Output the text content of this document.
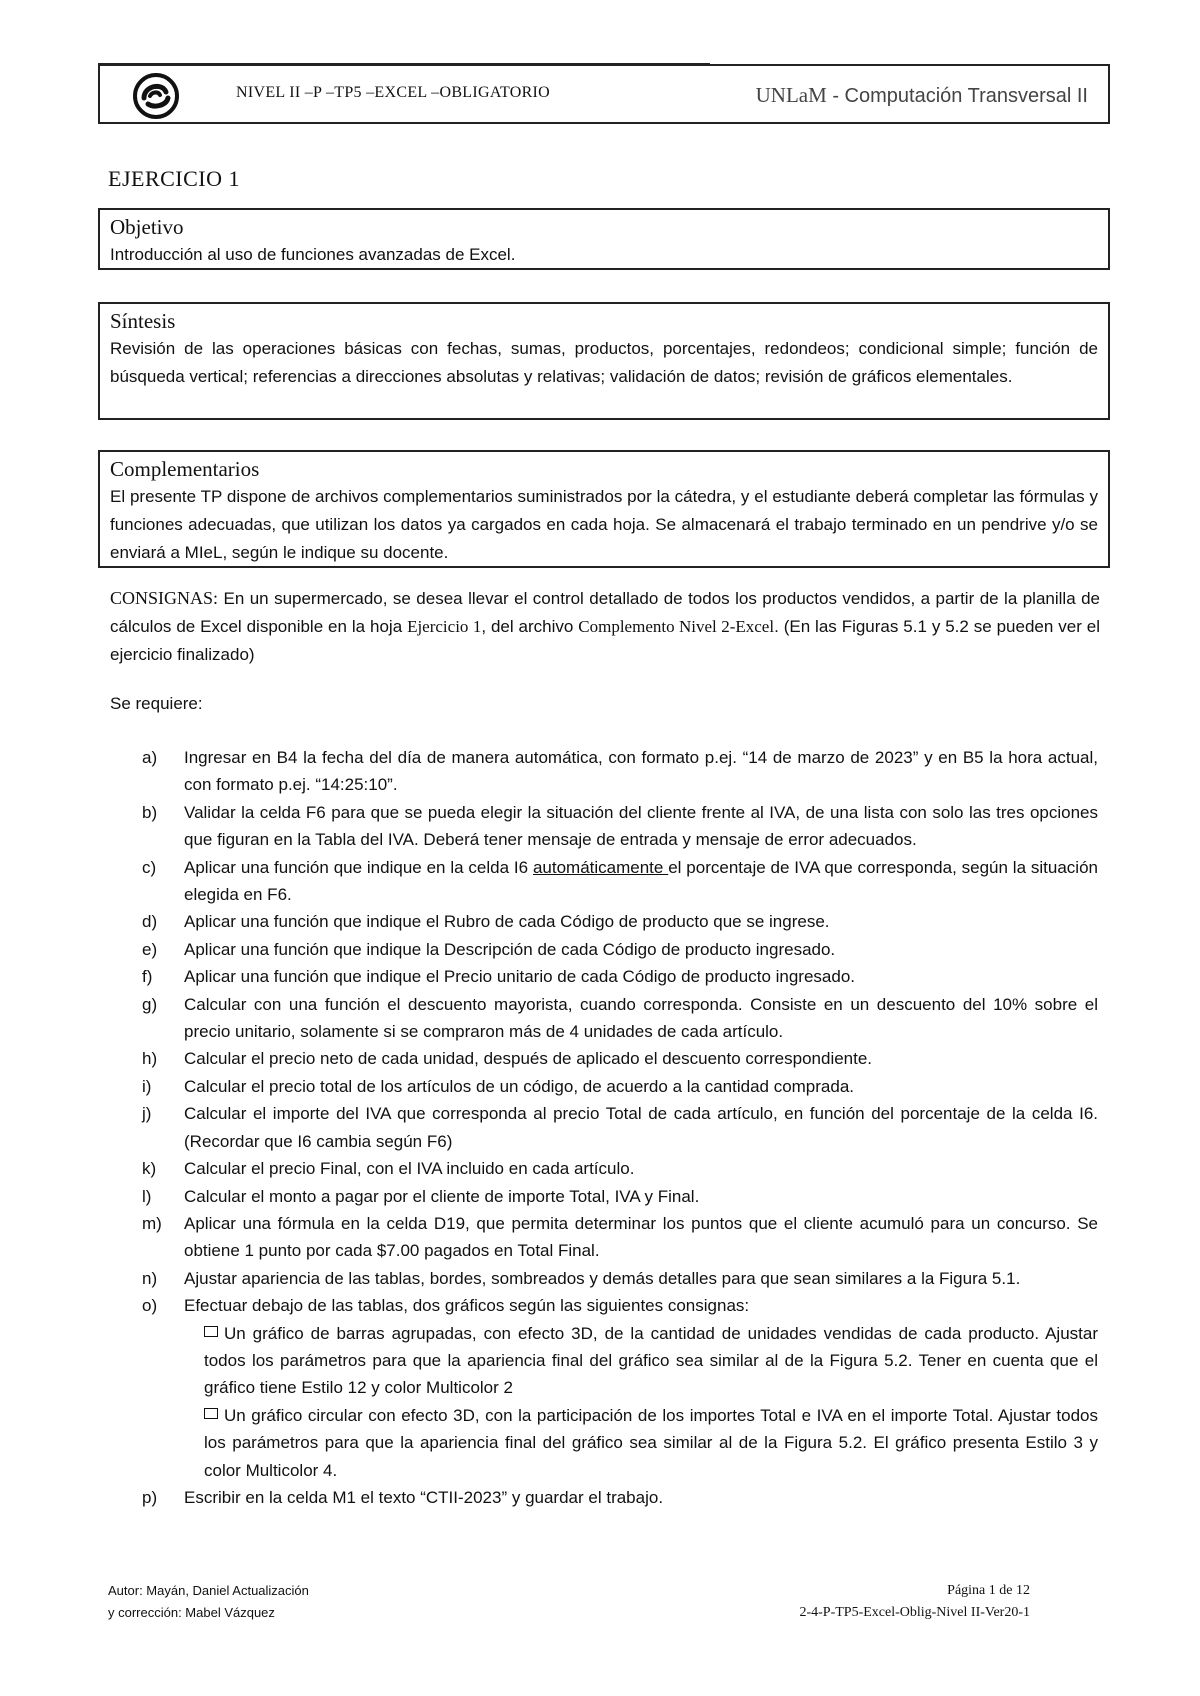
NIVEL II –P –TP5 –EXCEL –OBLIGATORIO	UNLaM - Computación Transversal II
EJERCICIO 1
Objetivo

Introducción al uso de funciones avanzadas de Excel.

Síntesis

Revisión de las operaciones básicas con fechas, sumas, productos, porcentajes, redondeos; condicional simple; función de búsqueda vertical; referencias a direcciones absolutas y relativas; validación de datos; revisión de gráficos elementales.

Complementarios

El presente TP dispone de archivos complementarios suministrados por la cátedra, y el estudiante deberá completar las fórmulas y funciones adecuadas, que utilizan los datos ya cargados en cada hoja. Se almacenará el trabajo terminado en un pendrive y/o se enviará a MIeL, según le indique su docente.

CONSIGNAS: En un supermercado, se desea llevar el control detallado de todos los productos vendidos, a partir de la planilla de cálculos de Excel disponible en la hoja Ejercicio 1, del archivo Complemento Nivel 2-Excel. (En las Figuras 5.1 y 5.2 se pueden ver el ejercicio finalizado)

Se requiere:

a) Ingresar en B4 la fecha del día de manera automática, con formato p.ej. “14 de marzo de 2023” y en B5 la hora actual, con formato p.ej. “14:25:10”.
b) Validar la celda F6 para que se pueda elegir la situación del cliente frente al IVA, de una lista con solo las tres opciones que figuran en la Tabla del IVA. Deberá tener mensaje de entrada y mensaje de error adecuados.
c) Aplicar una función que indique en la celda I6 automáticamente el porcentaje de IVA que corresponda, según la situación elegida en F6.
d) Aplicar una función que indique el Rubro de cada Código de producto que se ingrese.
e) Aplicar una función que indique la Descripción de cada Código de producto ingresado.
f) Aplicar una función que indique el Precio unitario de cada Código de producto ingresado.
g) Calcular con una función el descuento mayorista, cuando corresponda. Consiste en un descuento del 10% sobre el precio unitario, solamente si se compraron más de 4 unidades de cada artículo.
h) Calcular el precio neto de cada unidad, después de aplicado el descuento correspondiente.
i) Calcular el precio total de los artículos de un código, de acuerdo a la cantidad comprada.
j) Calcular el importe del IVA que corresponda al precio Total de cada artículo, en función del porcentaje de la celda I6. (Recordar que I6 cambia según F6)
k) Calcular el precio Final, con el IVA incluido en cada artículo.
l) Calcular el monto a pagar por el cliente de importe Total, IVA y Final.
m) Aplicar una fórmula en la celda D19, que permita determinar los puntos que el cliente acumuló para un concurso. Se obtiene 1 punto por cada $7.00 pagados en Total Final.
n) Ajustar apariencia de las tablas, bordes, sombreados y demás detalles para que sean similares a la Figura 5.1.
o) Efectuar debajo de las tablas, dos gráficos según las siguientes consignas:
Un gráfico de barras agrupadas, con efecto 3D, de la cantidad de unidades vendidas de cada producto. Ajustar todos los parámetros para que la apariencia final del gráfico sea similar al de la Figura 5.2. Tener en cuenta que el gráfico tiene Estilo 12 y color Multicolor 2
Un gráfico circular con efecto 3D, con la participación de los importes Total e IVA en el importe Total. Ajustar todos los parámetros para que la apariencia final del gráfico sea similar al de la Figura 5.2. El gráfico presenta Estilo 3 y color Multicolor 4.
p) Escribir en la celda M1 el texto “CTII-2023” y guardar el trabajo.
Autor: Mayán, Daniel Actualización
y corrección: Mabel Vázquez
Página 1 de 12
2-4-P-TP5-Excel-Oblig-Nivel II-Ver20-1
